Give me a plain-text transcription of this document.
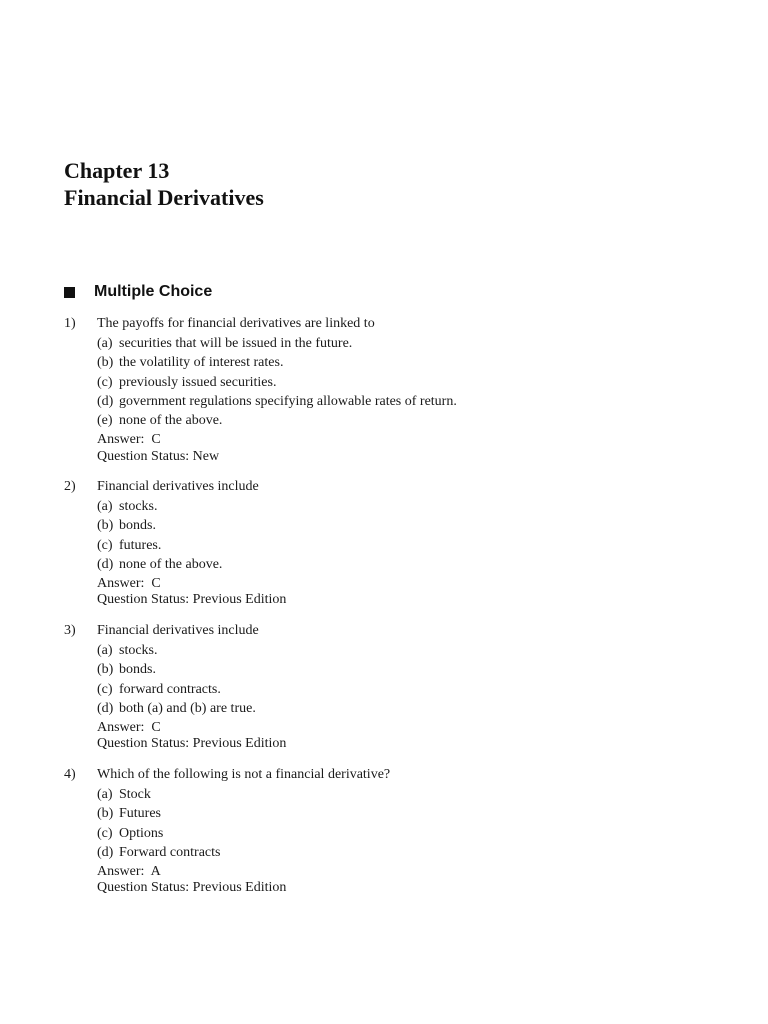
Chapter 13
Financial Derivatives
Multiple Choice
1)	The payoffs for financial derivatives are linked to
(a) securities that will be issued in the future.
(b) the volatility of interest rates.
(c) previously issued securities.
(d) government regulations specifying allowable rates of return.
(e) none of the above.
Answer:  C
Question Status: New
2)	Financial derivatives include
(a) stocks.
(b) bonds.
(c) futures.
(d) none of the above.
Answer:  C
Question Status: Previous Edition
3)	Financial derivatives include
(a) stocks.
(b) bonds.
(c) forward contracts.
(d) both (a) and (b) are true.
Answer:  C
Question Status: Previous Edition
4)	Which of the following is not a financial derivative?
(a) Stock
(b) Futures
(c) Options
(d) Forward contracts
Answer:  A
Question Status: Previous Edition
